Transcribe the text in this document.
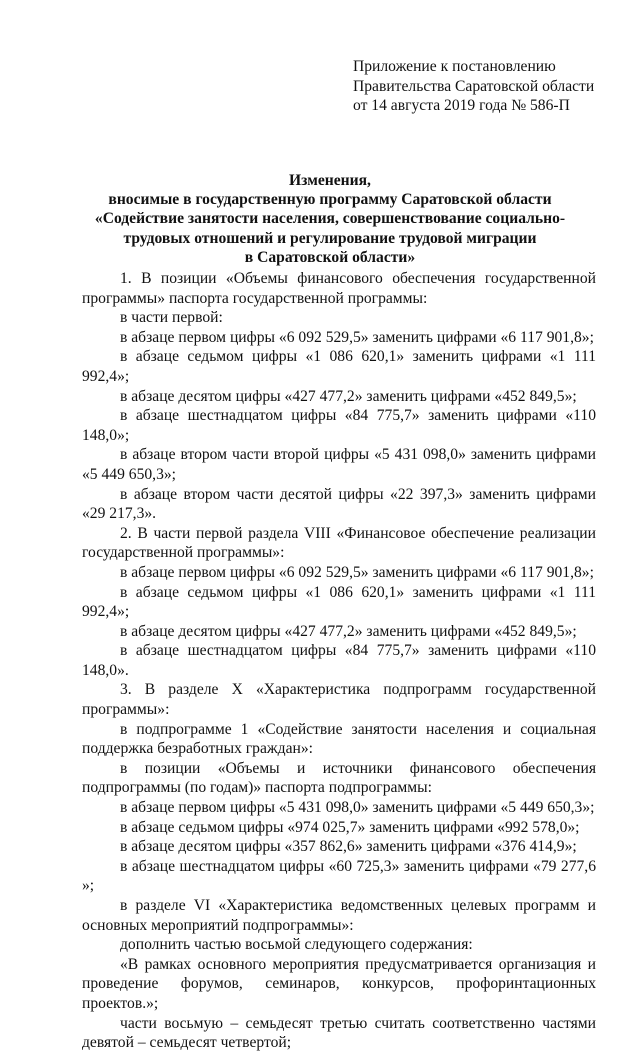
Приложение к постановлению
Правительства Саратовской области
от 14 августа 2019 года № 586-П
Изменения,
вносимые в государственную программу Саратовской области
«Содействие занятости населения, совершенствование социально-
трудовых отношений и регулирование трудовой миграции
в Саратовской области»

1. В позиции «Объемы финансового обеспечения государственной программы» паспорта государственной программы:

в части первой:

в абзаце первом цифры «6 092 529,5» заменить цифрами «6 117 901,8»;

в абзаце седьмом цифры «1 086 620,1» заменить цифрами «1 111 992,4»;

в абзаце десятом цифры «427 477,2» заменить цифрами «452 849,5»;

в абзаце шестнадцатом цифры «84 775,7» заменить цифрами «110 148,0»;

в абзаце втором части второй цифры «5 431 098,0» заменить цифрами «5 449 650,3»;

в абзаце втором части десятой цифры «22 397,3» заменить цифрами «29 217,3».

2. В части первой раздела VIII «Финансовое обеспечение реализации государственной программы»:

в абзаце первом цифры «6 092 529,5» заменить цифрами «6 117 901,8»;

в абзаце седьмом цифры «1 086 620,1» заменить цифрами «1 111 992,4»;

в абзаце десятом цифры «427 477,2» заменить цифрами «452 849,5»;

в абзаце шестнадцатом цифры «84 775,7» заменить цифрами «110 148,0».

3. В разделе X «Характеристика подпрограмм государственной программы»:

в подпрограмме 1 «Содействие занятости населения и социальная поддержка безработных граждан»:

в позиции «Объемы и источники финансового обеспечения подпрограммы (по годам)» паспорта подпрограммы:

в абзаце первом цифры «5 431 098,0» заменить цифрами «5 449 650,3»;

в абзаце седьмом цифры «974 025,7» заменить цифрами «992 578,0»;

в абзаце десятом цифры «357 862,6» заменить цифрами «376 414,9»;

в абзаце шестнадцатом цифры «60 725,3» заменить цифрами «79 277,6 »;

в разделе VI «Характеристика ведомственных целевых программ и основных мероприятий подпрограммы»:

дополнить частью восьмой следующего содержания:

«В рамках основного мероприятия предусматривается организация и проведение форумов, семинаров, конкурсов, профоринтационных проектов.»;

части восьмую – семьдесят третью считать соответственно частями девятой – семьдесят четвертой;
